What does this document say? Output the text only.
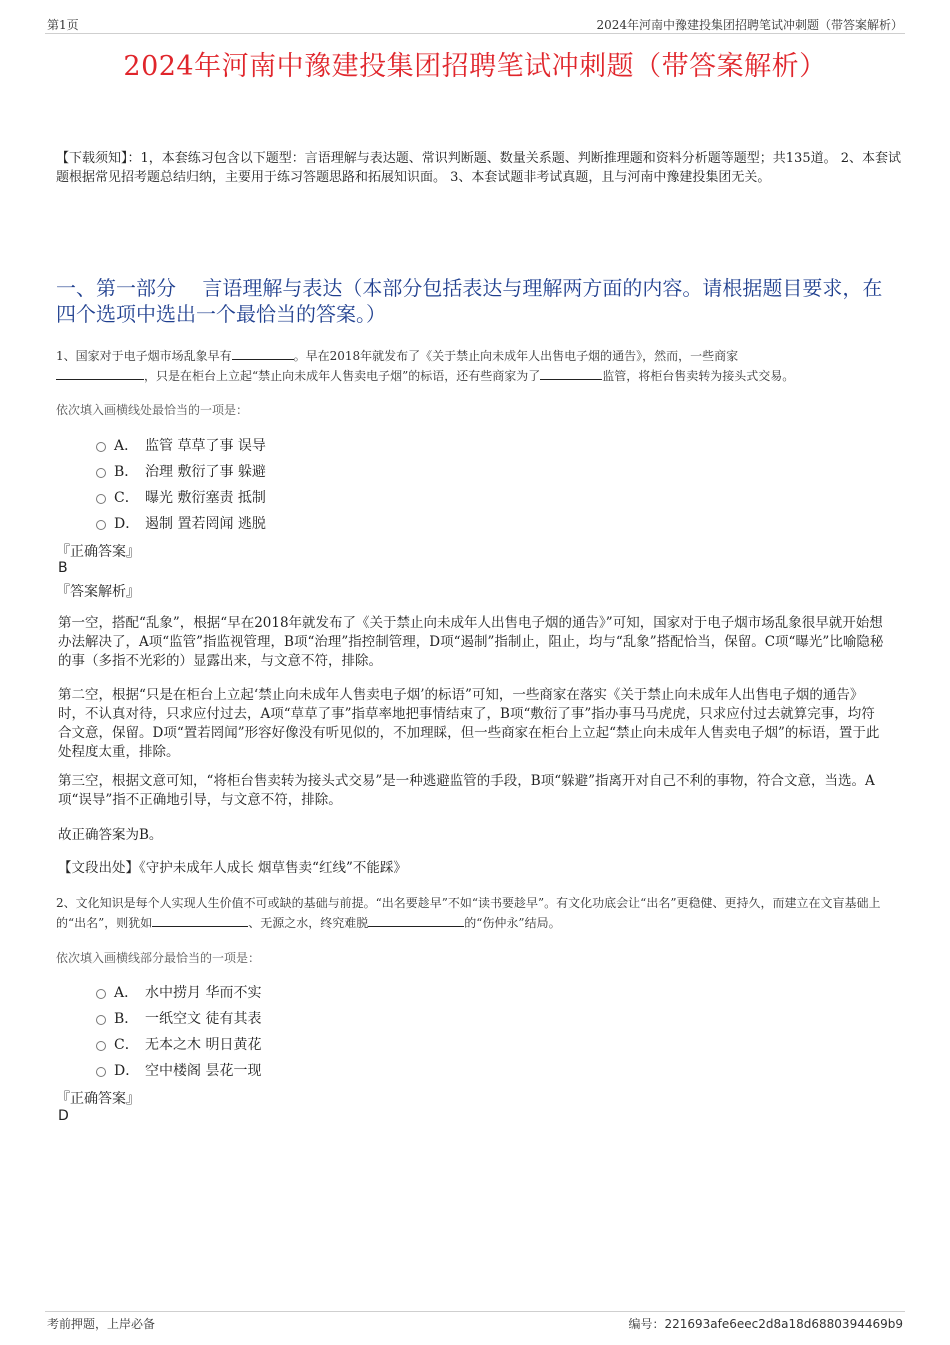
第1页	2024年河南中豫建投集团招聘笔试冲刺题（带答案解析）
2024年河南中豫建投集团招聘笔试冲刺题（带答案解析）
【下载须知】：1，本套练习包含以下题型：言语理解与表达题、常识判断题、数量关系题、判断推理题和资料分析题等题型；共135道。 2、本套试题根据常见招考题总结归纳，主要用于练习答题思路和拓展知识面。 3、本套试题非考试真题，且与河南中豫建投集团无关。
一、第一部分　 言语理解与表达（本部分包括表达与理解两方面的内容。请根据题目要求，在四个选项中选出一个最恰当的答案。）
1、国家对于电子烟市场乱象早有	。早在2018年就发布了《关于禁止向未成年人出售电子烟的通告》，然而，一些商家
，只是在柜台上立起“禁止向未成年人售卖电子烟”的标语，还有些商家为了	监管，将柜台售卖转为接头式交易。
依次填入画横线处最恰当的一项是：
A． 监管 草草了事 误导
B． 治理 敷衍了事 躲避
C． 曝光 敷衍塞责 抵制
D． 遏制 置若罔闻 逃脱
『正确答案』
B
『答案解析』
第一空，搭配“乱象”，根据“早在2018年就发布了《关于禁止向未成年人出售电子烟的通告》”可知，国家对于电子烟市场乱象很早就开始想办法解决了，A项“监管”指监视管理，B项“治理”指控制管理，D项“遏制”指制止，阻止，均与“乱象”搭配恰当，保留。C项“曝光”比喻隐秘的事（多指不光彩的）显露出来，与文意不符，排除。
第二空，根据“只是在柜台上立起‘禁止向未成年人售卖电子烟’的标语”可知，一些商家在落实《关于禁止向未成年人出售电子烟的通告》时，不认真对待，只求应付过去，A项“草草了事”指草率地把事情结束了，B项“敷衍了事”指办事马马虎虎，只求应付过去就算完事，均符合文意，保留。D项“置若罔闻”形容好像没有听见似的，不加理睬，但一些商家在柜台上立起“禁止向未成年人售卖电子烟”的标语，置于此处程度太重，排除。
第三空，根据文意可知，“将柜台售卖转为接头式交易”是一种逃避监管的手段，B项“躲避”指离开对自己不利的事物，符合文意，当选。A项“误导”指不正确地引导，与文意不符，排除。
故正确答案为B。
【文段出处】《守护未成年人成长 烟草售卖“红线”不能踩》
2、文化知识是每个人实现人生价值不可或缺的基础与前提。“出名要趁早”不如“读书要趁早”。有文化功底会让“出名”更稳健、更持久，而建立在文盲基础上的“出名”，则犹如	、无源之水，终究难脱	的“伤仲永”结局。
依次填入画横线部分最恰当的一项是：
A． 水中捞月 华而不实
B． 一纸空文 徒有其表
C． 无本之木 明日黄花
D． 空中楼阁 昙花一现
『正确答案』
D
考前押题，上岸必备	编号：221693afe6eec2d8a18d6880394469b9
